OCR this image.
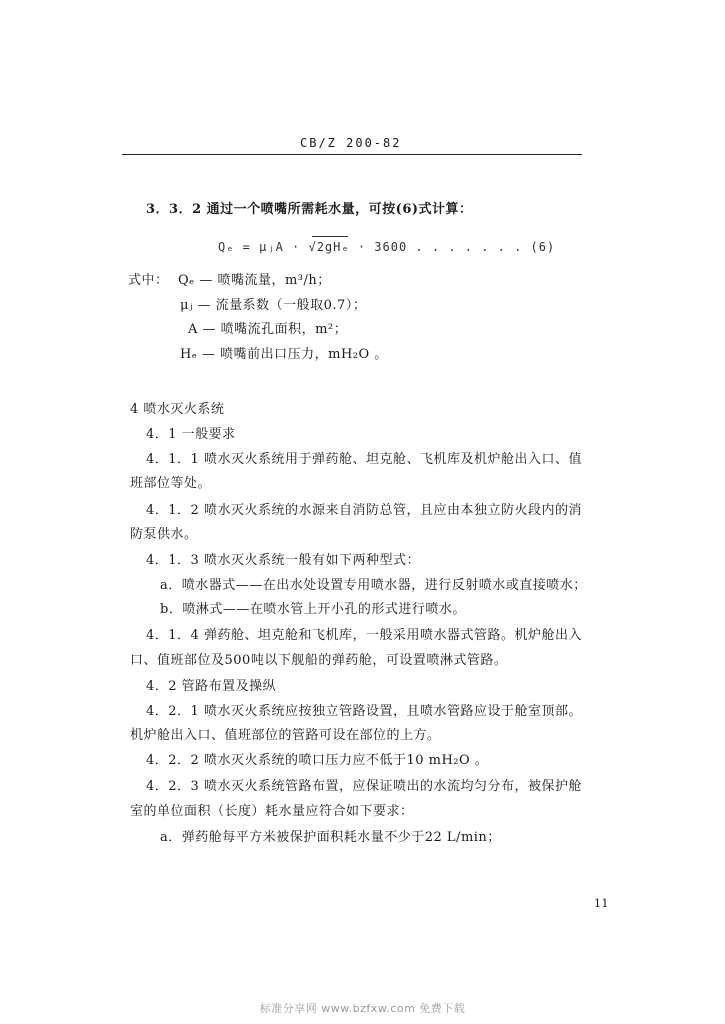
CB/Z 200-82
3．3．2 通过一个喷嘴所需耗水量，可按(6)式计算：
Qₑ = μⱼA · √2gHₑ · 3600 . . . . . . . (6)
式中： Qₑ — 喷嘴流量，m³/h；
μⱼ — 流量系数（一般取0.7）；
A — 喷嘴流孔面积，m²；
Hₑ — 喷嘴前出口压力，mH₂O 。
4 喷水灭火系统
4．1 一般要求
4．1．1 喷水灭火系统用于弹药舱、坦克舱、飞机库及机炉舱出入口、值
班部位等处。
4．1．2 喷水灭火系统的水源来自消防总管，且应由本独立防火段内的消
防泵供水。
4．1．3 喷水灭火系统一般有如下两种型式：
a．喷水器式——在出水处设置专用喷水器，进行反射喷水或直接喷水；
b．喷淋式——在喷水管上开小孔的形式进行喷水。
4．1．4 弹药舱、坦克舱和飞机库，一般采用喷水器式管路。机炉舱出入
口、值班部位及500吨以下舰船的弹药舱，可设置喷淋式管路。
4．2 管路布置及操纵
4．2．1 喷水灭火系统应按独立管路设置，且喷水管路应设于舱室顶部。
机炉舱出入口、值班部位的管路可设在部位的上方。
4．2．2 喷水灭火系统的喷口压力应不低于10 mH₂O 。
4．2．3 喷水灭火系统管路布置，应保证喷出的水流均匀分布，被保护舱
室的单位面积（长度）耗水量应符合如下要求：
a．弹药舱每平方米被保护面积耗水量不少于22 L/min；
11
标准分享网 www.bzfxw.com 免费下载
